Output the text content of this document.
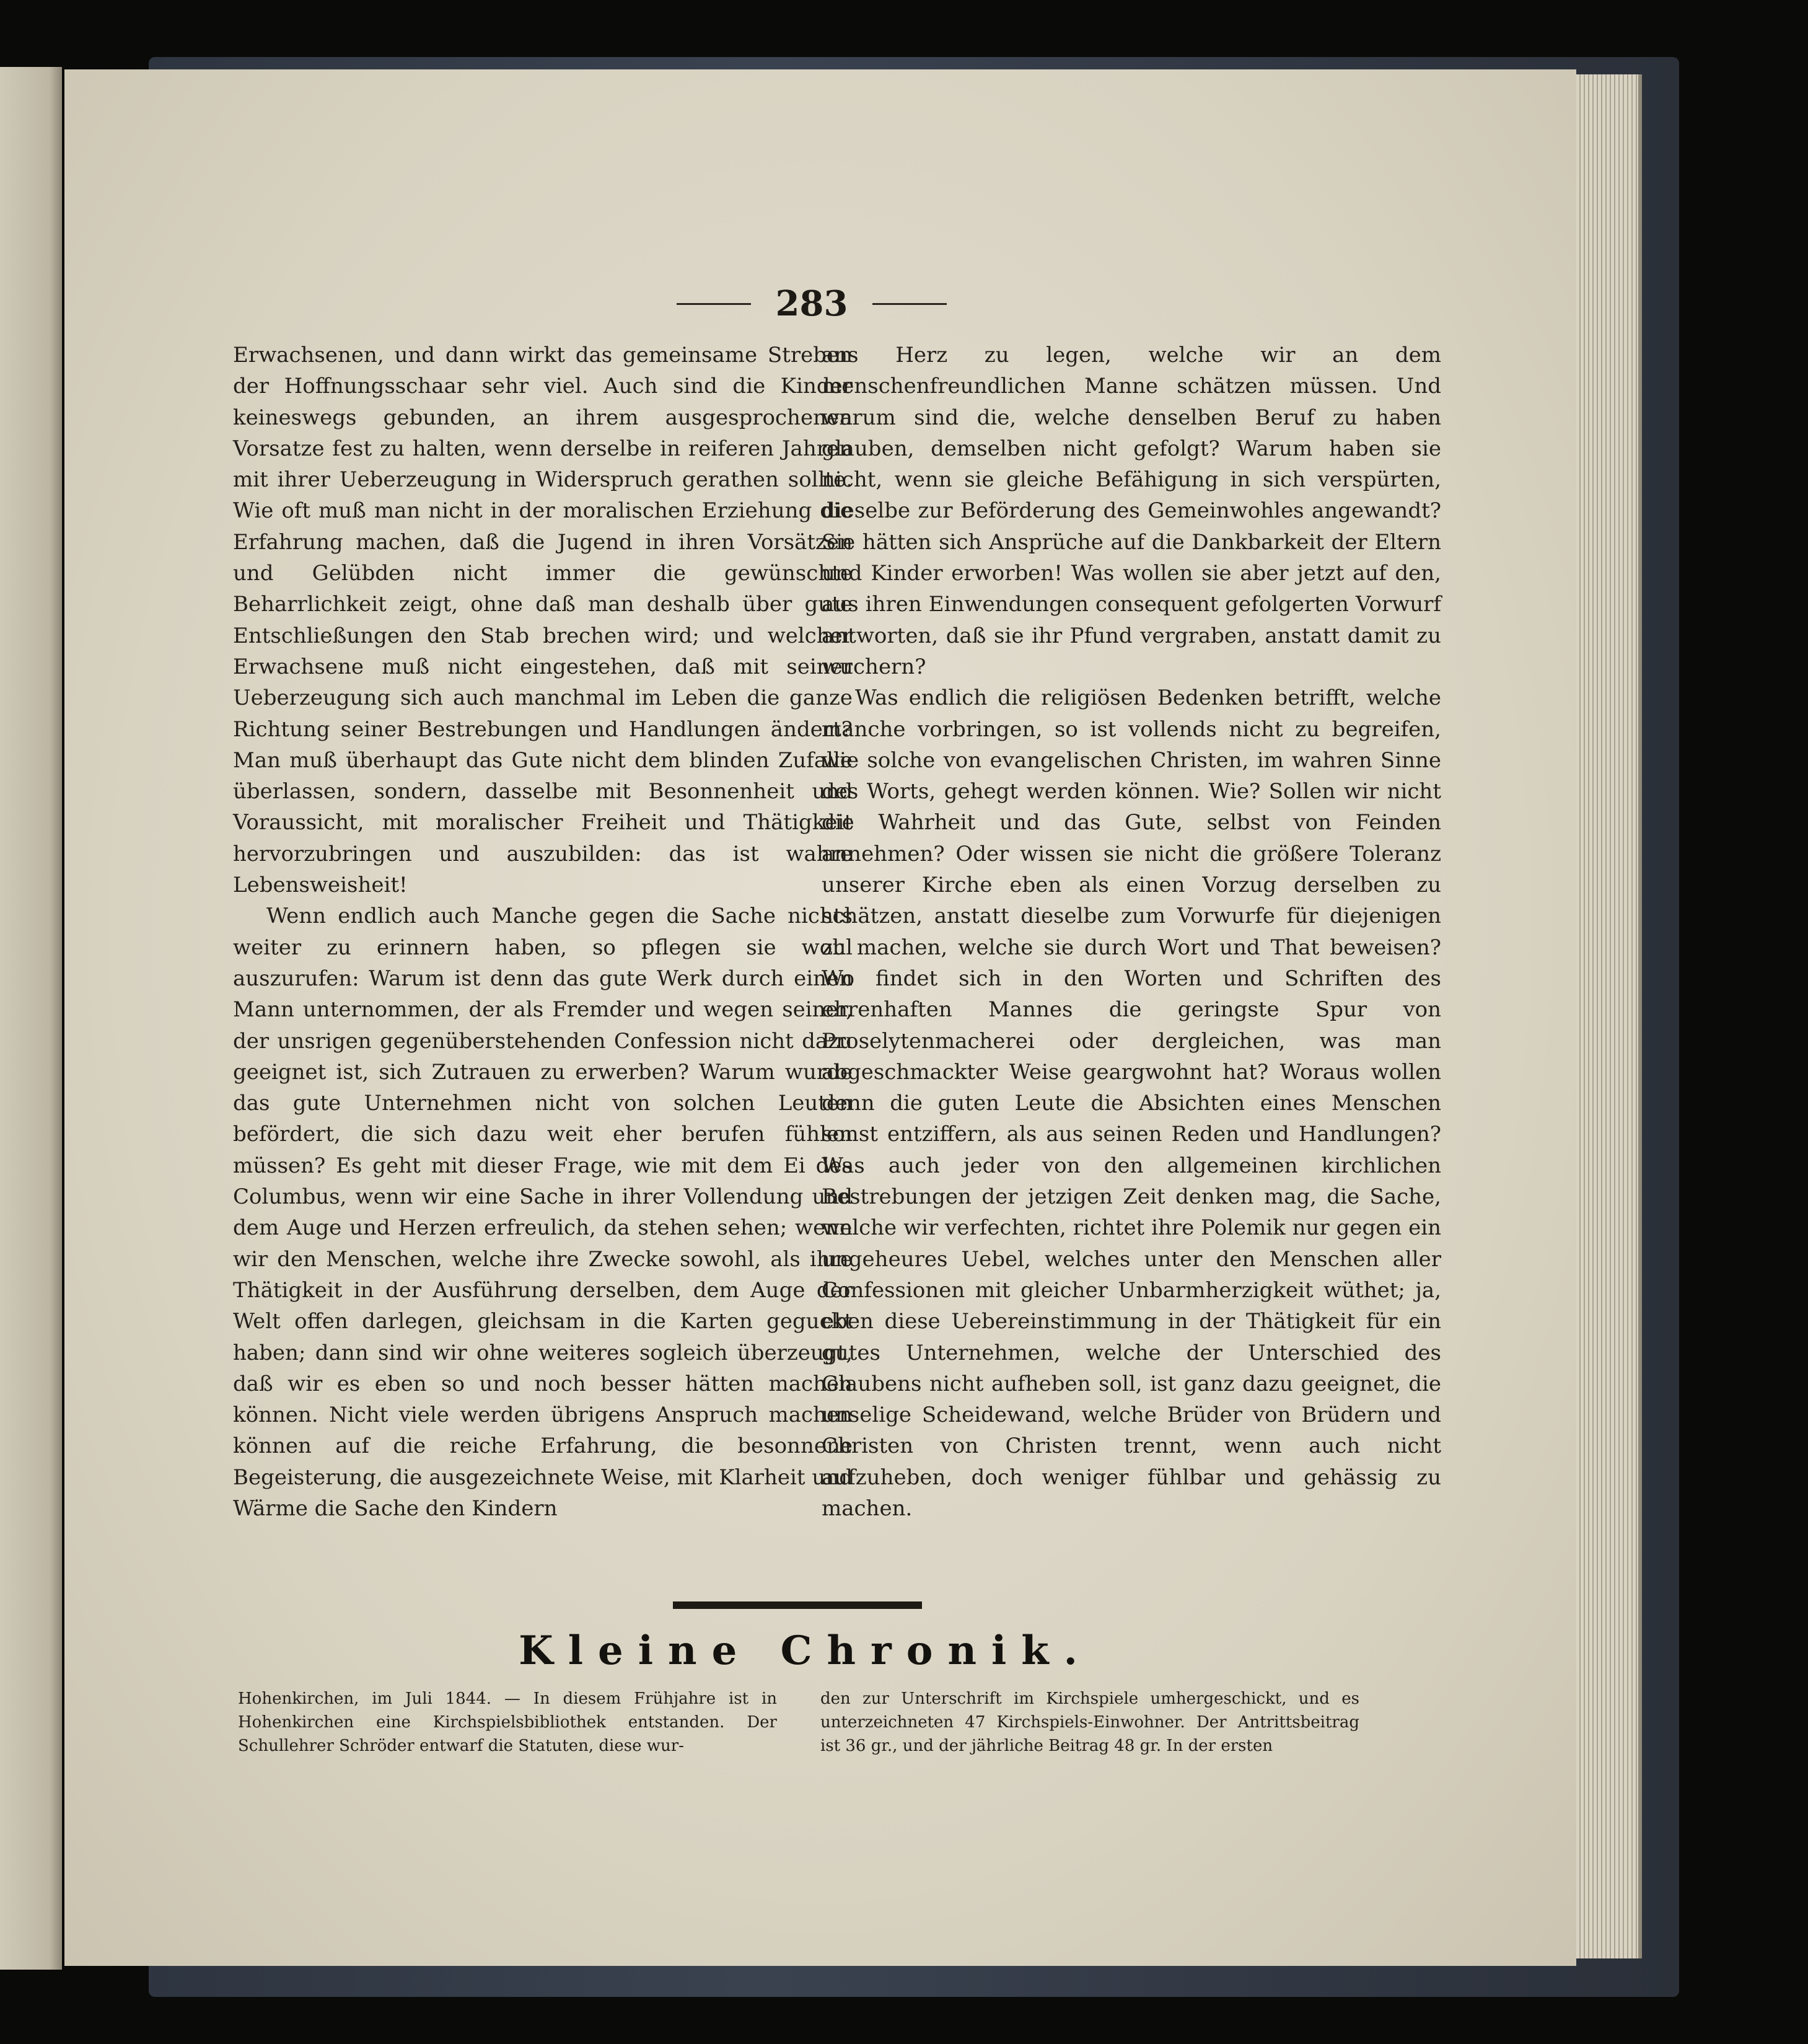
283

Erwachsenen, und dann wirkt das gemeinsame Streben der Hoffnungsschaar sehr viel. Auch sind die Kinder keineswegs gebunden, an ihrem ausgesprochenen Vorsatze fest zu halten, wenn derselbe in reiferen Jahren mit ihrer Ueberzeugung in Widerspruch gerathen sollte. Wie oft muß man nicht in der moralischen Erziehung die Erfahrung machen, daß die Jugend in ihren Vorsätzen und Gelübden nicht immer die gewünschte Beharrlichkeit zeigt, ohne daß man deshalb über gute Entschließungen den Stab brechen wird; und welcher Erwachsene muß nicht eingestehen, daß mit seiner Ueberzeugung sich auch manchmal im Leben die ganze Richtung seiner Bestrebungen und Handlungen ändert? Man muß überhaupt das Gute nicht dem blinden Zufalle überlassen, sondern, dasselbe mit Besonnenheit und Voraussicht, mit moralischer Freiheit und Thätigkeit hervorzubringen und auszubilden: das ist wahre Lebensweisheit!

Wenn endlich auch Manche gegen die Sache nichts weiter zu erinnern haben, so pflegen sie wohl auszurufen: Warum ist denn das gute Werk durch einen Mann unternommen, der als Fremder und wegen seiner, der unsrigen gegenüberstehenden Confession nicht dazu geeignet ist, sich Zutrauen zu erwerben? Warum wurde das gute Unternehmen nicht von solchen Leuten befördert, die sich dazu weit eher berufen fühlen müssen? Es geht mit dieser Frage, wie mit dem Ei des Columbus, wenn wir eine Sache in ihrer Vollendung und dem Auge und Herzen erfreulich, da stehen sehen; wenn wir den Menschen, welche ihre Zwecke sowohl, als ihre Thätigkeit in der Ausführung derselben, dem Auge der Welt offen darlegen, gleichsam in die Karten geguckt haben; dann sind wir ohne weiteres sogleich überzeugt, daß wir es eben so und noch besser hätten machen können. Nicht viele werden übrigens Anspruch machen können auf die reiche Erfahrung, die besonnene Begeisterung, die ausgezeichnete Weise, mit Klarheit und Wärme die Sache den Kindern

ans Herz zu legen, welche wir an dem menschenfreundlichen Manne schätzen müssen. Und warum sind die, welche denselben Beruf zu haben glauben, demselben nicht gefolgt? Warum haben sie nicht, wenn sie gleiche Befähigung in sich verspürten, dieselbe zur Beförderung des Gemeinwohles angewandt? Sie hätten sich Ansprüche auf die Dankbarkeit der Eltern und Kinder erworben! Was wollen sie aber jetzt auf den, aus ihren Einwendungen consequent gefolgerten Vorwurf antworten, daß sie ihr Pfund vergraben, anstatt damit zu wuchern?

Was endlich die religiösen Bedenken betrifft, welche manche vorbringen, so ist vollends nicht zu begreifen, wie solche von evangelischen Christen, im wahren Sinne des Worts, gehegt werden können. Wie? Sollen wir nicht die Wahrheit und das Gute, selbst von Feinden annehmen? Oder wissen sie nicht die größere Toleranz unserer Kirche eben als einen Vorzug derselben zu schätzen, anstatt dieselbe zum Vorwurfe für diejenigen zu machen, welche sie durch Wort und That beweisen? Wo findet sich in den Worten und Schriften des ehrenhaften Mannes die geringste Spur von Proselytenmacherei oder dergleichen, was man abgeschmackter Weise geargwohnt hat? Woraus wollen denn die guten Leute die Absichten eines Menschen sonst entziffern, als aus seinen Reden und Handlungen? Was auch jeder von den allgemeinen kirchlichen Bestrebungen der jetzigen Zeit denken mag, die Sache, welche wir verfechten, richtet ihre Polemik nur gegen ein ungeheures Uebel, welches unter den Menschen aller Confessionen mit gleicher Unbarmherzigkeit wüthet; ja, eben diese Uebereinstimmung in der Thätigkeit für ein gutes Unternehmen, welche der Unterschied des Glaubens nicht aufheben soll, ist ganz dazu geeignet, die unselige Scheidewand, welche Brüder von Brüdern und Christen von Christen trennt, wenn auch nicht aufzuheben, doch weniger fühlbar und gehässig zu machen.

Kleine Chronik.

Hohenkirchen, im Juli 1844. — In diesem Frühjahre ist in Hohenkirchen eine Kirchspielsbibliothek entstanden. Der Schullehrer Schröder entwarf die Statuten, diese wur-

den zur Unterschrift im Kirchspiele umhergeschickt, und es unterzeichneten 47 Kirchspiels-Einwohner. Der Antrittsbeitrag ist 36 gr., und der jährliche Beitrag 48 gr. In der ersten
